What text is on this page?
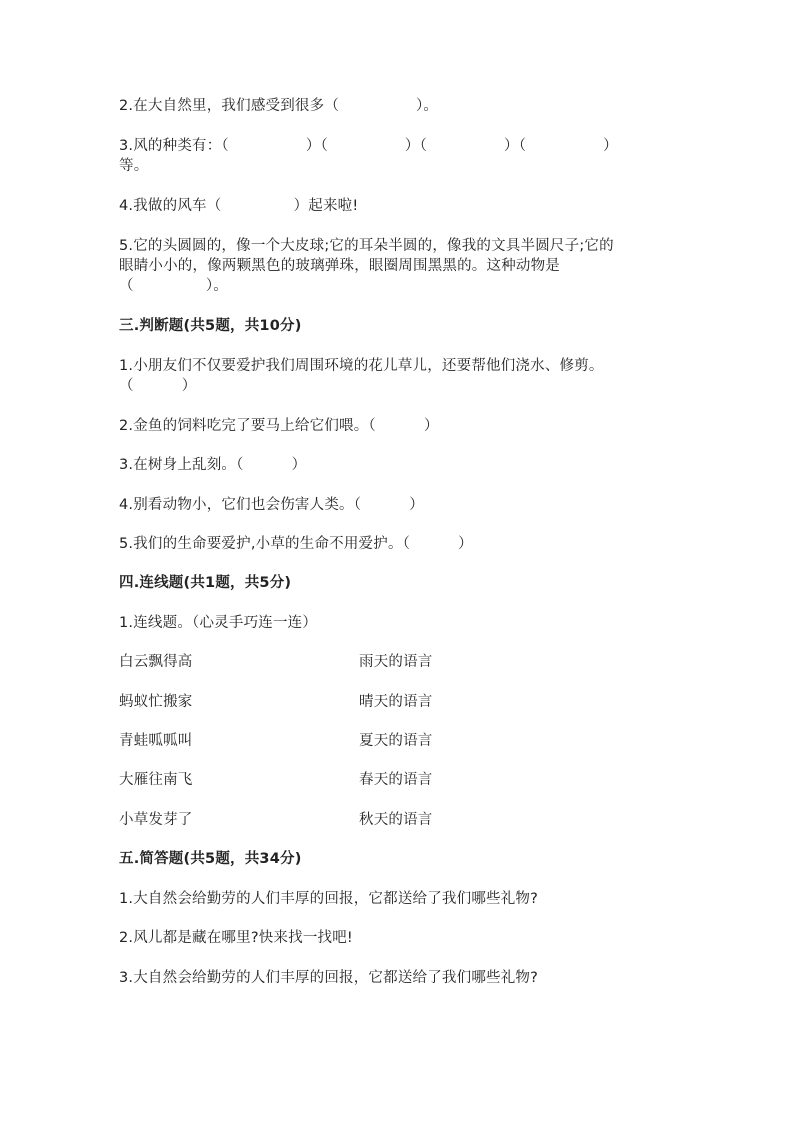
2.在大自然里，我们感受到很多（                ）。
3.风的种类有：（                ）（                ）（                ）（                ）
等。
4.我做的风车（               ）起来啦!
5.它的头圆圆的，像一个大皮球;它的耳朵半圆的，像我的文具半圆尺子;它的
眼睛小小的，像两颗黑色的玻璃弹珠，眼圈周围黑黑的。这种动物是
（               ）。
三.判断题(共5题，共10分)
1.小朋友们不仅要爱护我们周围环境的花儿草儿，还要帮他们浇水、修剪。
（          ）
2.金鱼的饲料吃完了要马上给它们喂。（          ）
3.在树身上乱刻。（          ）
4.别看动物小，它们也会伤害人类。（          ）
5.我们的生命要爱护,小草的生命不用爱护。（          ）
四.连线题(共1题，共5分)
1.连线题。（心灵手巧连一连）
白云飘得高	雨天的语言
蚂蚁忙搬家	晴天的语言
青蛙呱呱叫	夏天的语言
大雁往南飞	春天的语言
小草发芽了	秋天的语言
五.简答题(共5题，共34分)
1.大自然会给勤劳的人们丰厚的回报，它都送给了我们哪些礼物?
2.风儿都是藏在哪里?快来找一找吧!
3.大自然会给勤劳的人们丰厚的回报，它都送给了我们哪些礼物?
